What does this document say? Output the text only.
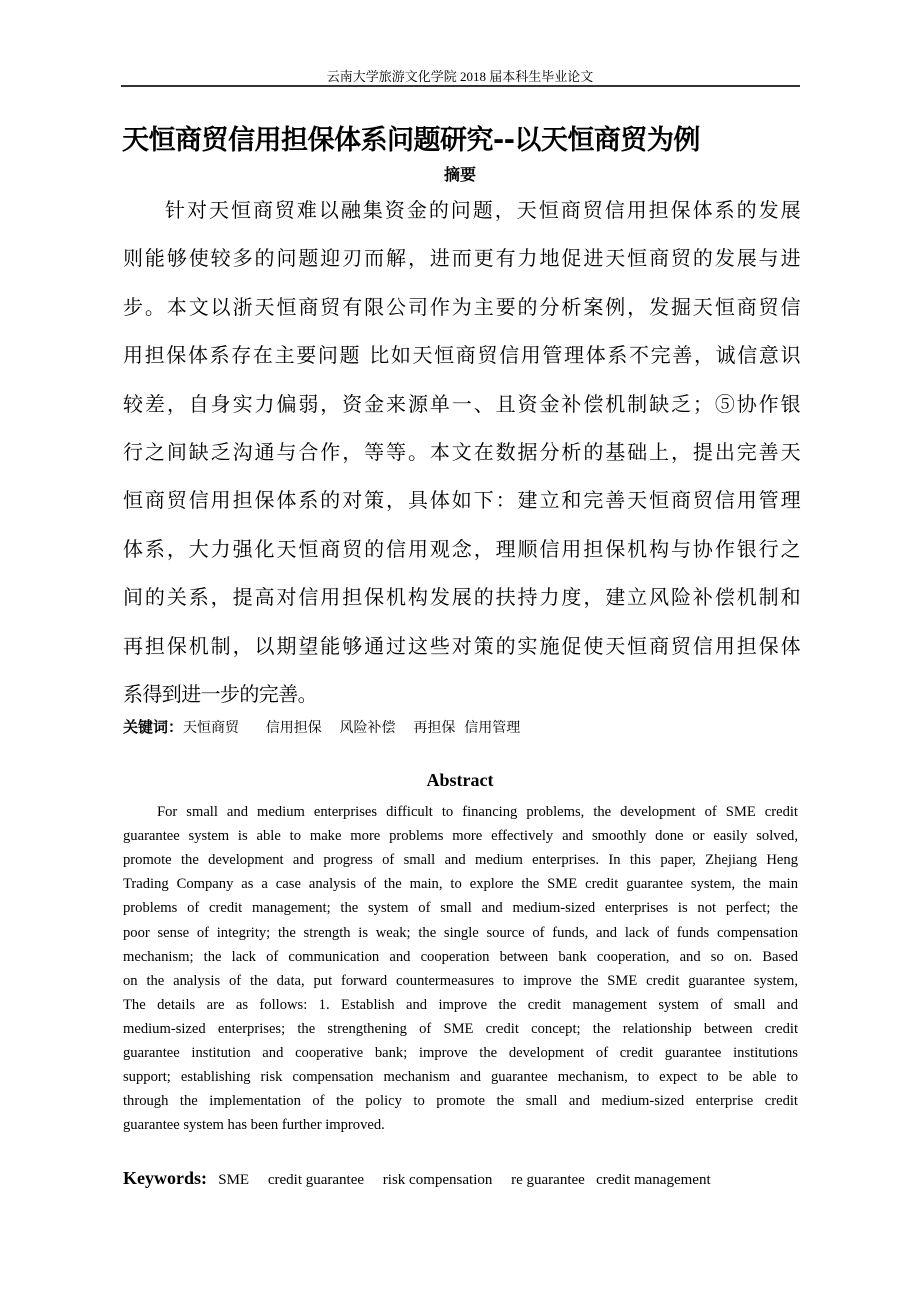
云南大学旅游文化学院 2018 届本科生毕业论文
天恒商贸信用担保体系问题研究--以天恒商贸为例
摘要
针对天恒商贸难以融集资金的问题，天恒商贸信用担保体系的发展
则能够使较多的问题迎刃而解，进而更有力地促进天恒商贸的发展与进
步。本文以浙天恒商贸有限公司作为主要的分析案例，发掘天恒商贸信
用担保体系存在主要问题 比如天恒商贸信用管理体系不完善，诚信意识
较差，自身实力偏弱，资金来源单一、且资金补偿机制缺乏；⑤协作银
行之间缺乏沟通与合作，等等。本文在数据分析的基础上，提出完善天
恒商贸信用担保体系的对策，具体如下：建立和完善天恒商贸信用管理
体系，大力强化天恒商贸的信用观念，理顺信用担保机构与协作银行之
间的关系，提高对信用担保机构发展的扶持力度，建立风险补偿机制和
再担保机制，以期望能够通过这些对策的实施促使天恒商贸信用担保体
系得到进一步的完善。
关键词：天恒商贸 信用担保 风险补偿 再担保 信用管理
Abstract
For small and medium enterprises difficult to financing problems, the development of SME credit
guarantee system is able to make more problems more effectively and smoothly done or easily solved,
promote the development and progress of small and medium enterprises. In this paper, Zhejiang Heng
Trading Company as a case analysis of the main, to explore the SME credit guarantee system, the main
problems of credit management; the system of small and medium-sized enterprises is not perfect; the
poor sense of integrity; the strength is weak; the single source of funds, and lack of funds compensation
mechanism; the lack of communication and cooperation between bank cooperation, and so on. Based
on the analysis of the data, put forward countermeasures to improve the SME credit guarantee system,
The details are as follows: 1. Establish and improve the credit management system of small and
medium-sized enterprises; the strengthening of SME credit concept; the relationship between credit
guarantee institution and cooperative bank; improve the development of credit guarantee institutions
support; establishing risk compensation mechanism and guarantee mechanism, to expect to be able to
through the implementation of the policy to promote the small and medium-sized enterprise credit
guarantee system has been further improved.
Keywords: SME credit guarantee risk compensation re guarantee credit management
